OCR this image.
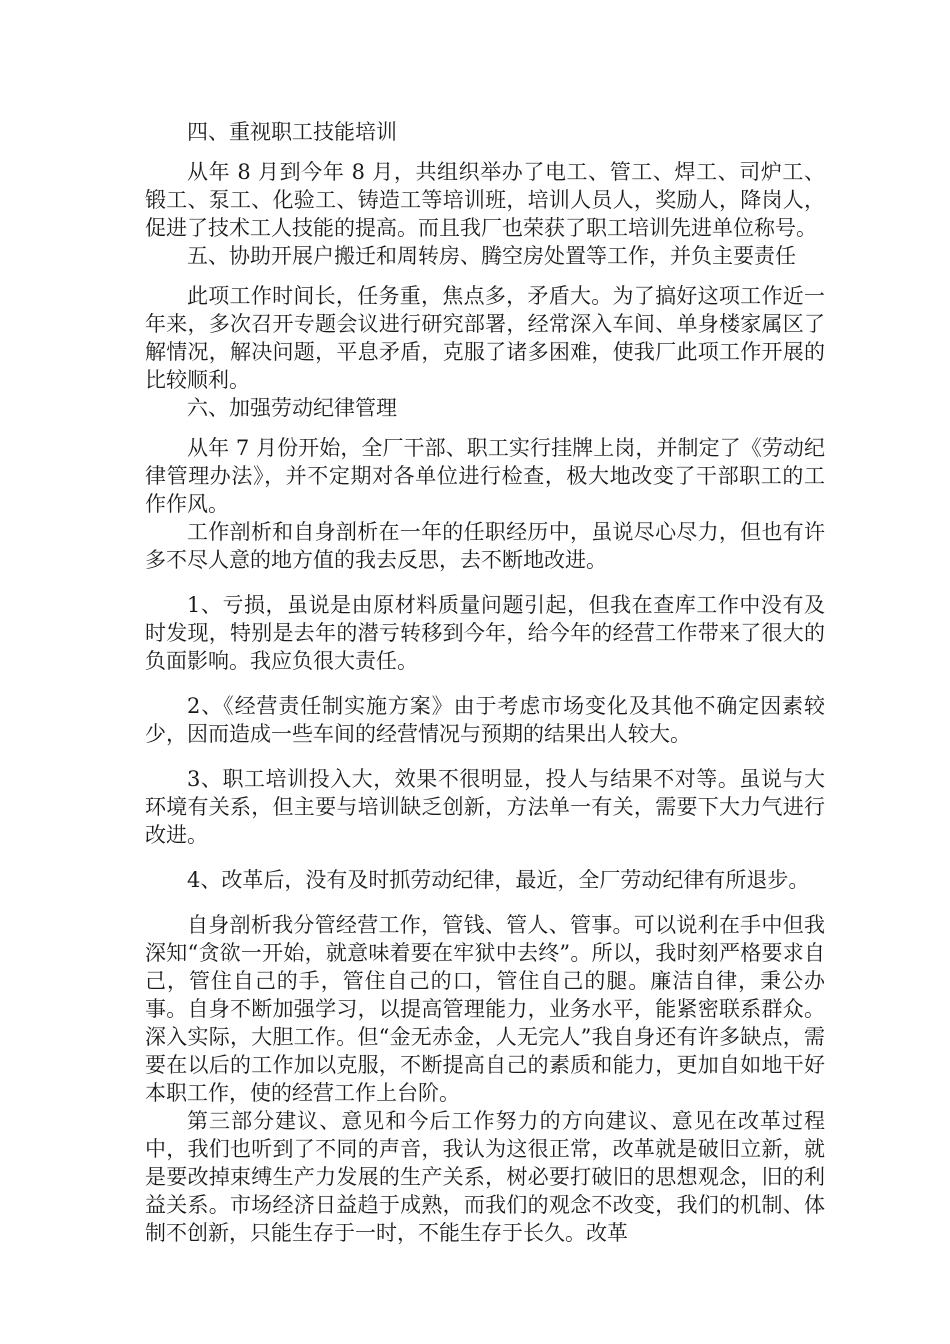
四、重视职工技能培训

从年 8 月到今年 8 月，共组织举办了电工、管工、焊工、司炉工、锻工、泵工、化验工、铸造工等培训班，培训人员人，奖励人，降岗人，促进了技术工人技能的提高。而且我厂也荣获了职工培训先进单位称号。

五、协助开展户搬迁和周转房、腾空房处置等工作，并负主要责任

此项工作时间长，任务重，焦点多，矛盾大。为了搞好这项工作近一年来，多次召开专题会议进行研究部署，经常深入车间、单身楼家属区了解情况，解决问题，平息矛盾，克服了诸多困难，使我厂此项工作开展的比较顺利。

六、加强劳动纪律管理

从年 7 月份开始，全厂干部、职工实行挂牌上岗，并制定了《劳动纪律管理办法》，并不定期对各单位进行检查，极大地改变了干部职工的工作作风。

工作剖析和自身剖析在一年的任职经历中，虽说尽心尽力，但也有许多不尽人意的地方值的我去反思，去不断地改进。

1、亏损，虽说是由原材料质量问题引起，但我在查库工作中没有及时发现，特别是去年的潜亏转移到今年，给今年的经营工作带来了很大的负面影响。我应负很大责任。

2、《经营责任制实施方案》由于考虑市场变化及其他不确定因素较少，因而造成一些车间的经营情况与预期的结果出人较大。

3、职工培训投入大，效果不很明显，投人与结果不对等。虽说与大环境有关系，但主要与培训缺乏创新，方法单一有关，需要下大力气进行改进。

4、改革后，没有及时抓劳动纪律，最近，全厂劳动纪律有所退步。

自身剖析我分管经营工作，管钱、管人、管事。可以说利在手中但我深知“贪欲一开始，就意味着要在牢狱中去终”。所以，我时刻严格要求自己，管住自己的手，管住自己的口，管住自己的腿。廉洁自律，秉公办事。自身不断加强学习，以提高管理能力，业务水平，能紧密联系群众。深入实际，大胆工作。但“金无赤金，人无完人”我自身还有许多缺点，需要在以后的工作加以克服，不断提高自己的素质和能力，更加自如地干好本职工作，使的经营工作上台阶。

第三部分建议、意见和今后工作努力的方向建议、意见在改革过程中，我们也听到了不同的声音，我认为这很正常，改革就是破旧立新，就是要改掉束缚生产力发展的生产关系，树必要打破旧的思想观念，旧的利益关系。市场经济日益趋于成熟，而我们的观念不改变，我们的机制、体制不创新，只能生存于一时，不能生存于长久。改革
